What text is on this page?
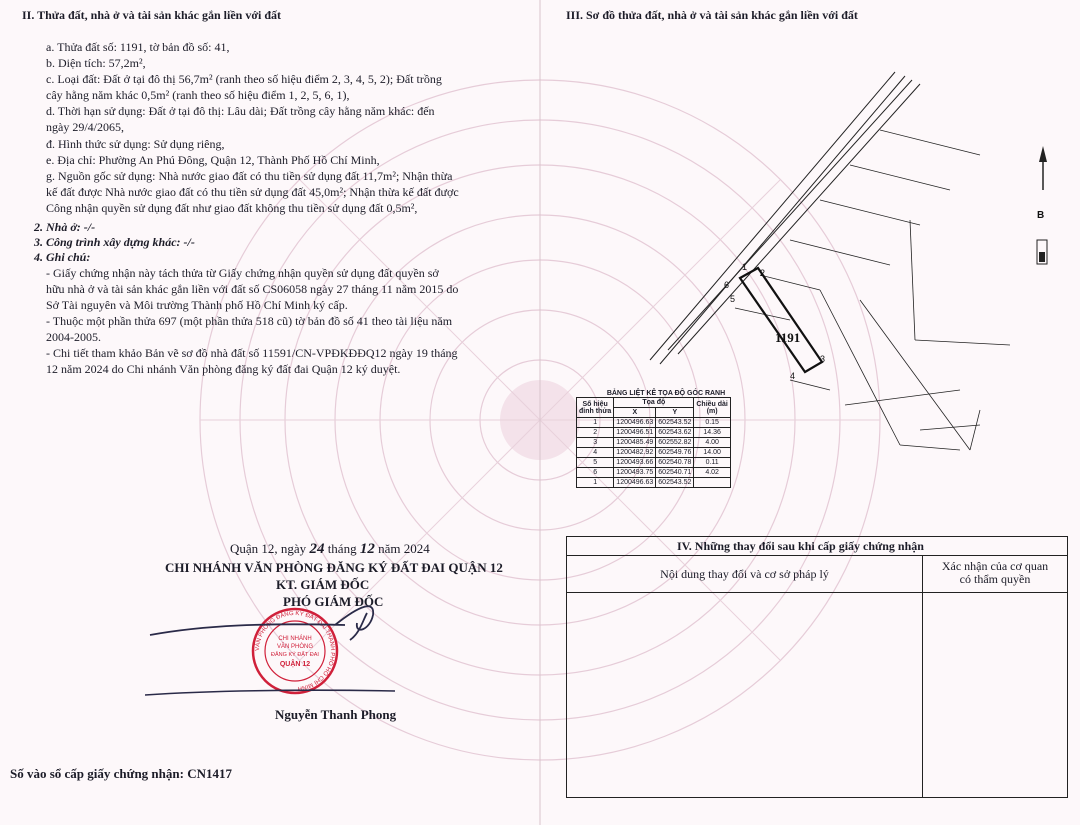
II. Thửa đất, nhà ở và tài sản khác gắn liền với đất
a. Thửa đất số: 1191, tờ bản đồ số: 41,
b. Diện tích: 57,2m²,
c. Loại đất: Đất ở tại đô thị 56,7m² (ranh theo số hiệu điểm 2, 3, 4, 5, 2); Đất trồng
cây hằng năm khác 0,5m² (ranh theo số hiệu điểm 1, 2, 5, 6, 1),
d. Thời hạn sử dụng: Đất ở tại đô thị: Lâu dài; Đất trồng cây hằng năm khác: đến
ngày 29/4/2065,
đ. Hình thức sử dụng: Sử dụng riêng,
e. Địa chỉ: Phường An Phú Đông, Quận 12, Thành Phố Hồ Chí Minh,
g. Nguồn gốc sử dụng: Nhà nước giao đất có thu tiền sử dụng đất 11,7m²; Nhận thừa
kế đất được Nhà nước giao đất có thu tiền sử dụng đất 45,0m²; Nhận thừa kế đất được
Công nhận quyền sử dụng đất như giao đất không thu tiền sử dụng đất 0,5m²,
2. Nhà ở: -/-
3. Công trình xây dựng khác: -/-
4. Ghi chú:
- Giấy chứng nhận này tách thửa từ Giấy chứng nhận quyền sử dụng đất quyền sở
hữu nhà ở và tài sản khác gắn liền với đất số CS06058 ngày 27 tháng 11 năm 2015 do
Sở Tài nguyên và Môi trường Thành phố Hồ Chí Minh ký cấp.
- Thuộc một phần thửa 697 (một phần thửa 518 cũ) tờ bản đồ số 41 theo tài liệu năm
2004-2005.
- Chi tiết tham khảo Bản vẽ sơ đồ nhà đất số 11591/CN-VPĐKĐĐQ12 ngày 19 tháng
12 năm 2024 do Chi nhánh Văn phòng đăng ký đất đai Quận 12 ký duyệt.
Quận 12, ngày 24 tháng 12 năm 2024
CHI NHÁNH VĂN PHÒNG ĐĂNG KÝ ĐẤT ĐAI QUẬN 12
KT. GIÁM ĐỐC
PHÓ GIÁM ĐỐC
VĂN PHÒNG ĐĂNG KÝ ĐẤT ĐAI THÀNH PHỐ HỒ CHÍ MINH
CHI NHÁNH
VĂN PHÒNG
ĐĂNG KÝ ĐẤT ĐAI
QUẬN 12
Nguyễn Thanh Phong
Số vào sổ cấp giấy chứng nhận: CN1417
III. Sơ đồ thửa đất, nhà ở và tài sản khác gắn liền với đất
1191
1
2
3
4
5
6
B
BẢNG LIỆT KÊ TỌA ĐỘ GÓC RANH
Số hiệu
đỉnh thửa	Tọa độ		Chiều dài
(m)
	X	Y	
1	1200496.63	602543.52	0.15
2	1200496.51	602543.62	14.36
3	1200485.49	602552.82	4.00
4	1200482.92	602549.76	14.00
5	1200493.66	602540.78	0.11
6	1200493.75	602540.71	4.02
1	1200496.63	602543.52	
IV. Những thay đổi sau khi cấp giấy chứng nhận
Nội dung thay đổi và cơ sở pháp lý
Xác nhận của cơ quan
có thẩm quyền
